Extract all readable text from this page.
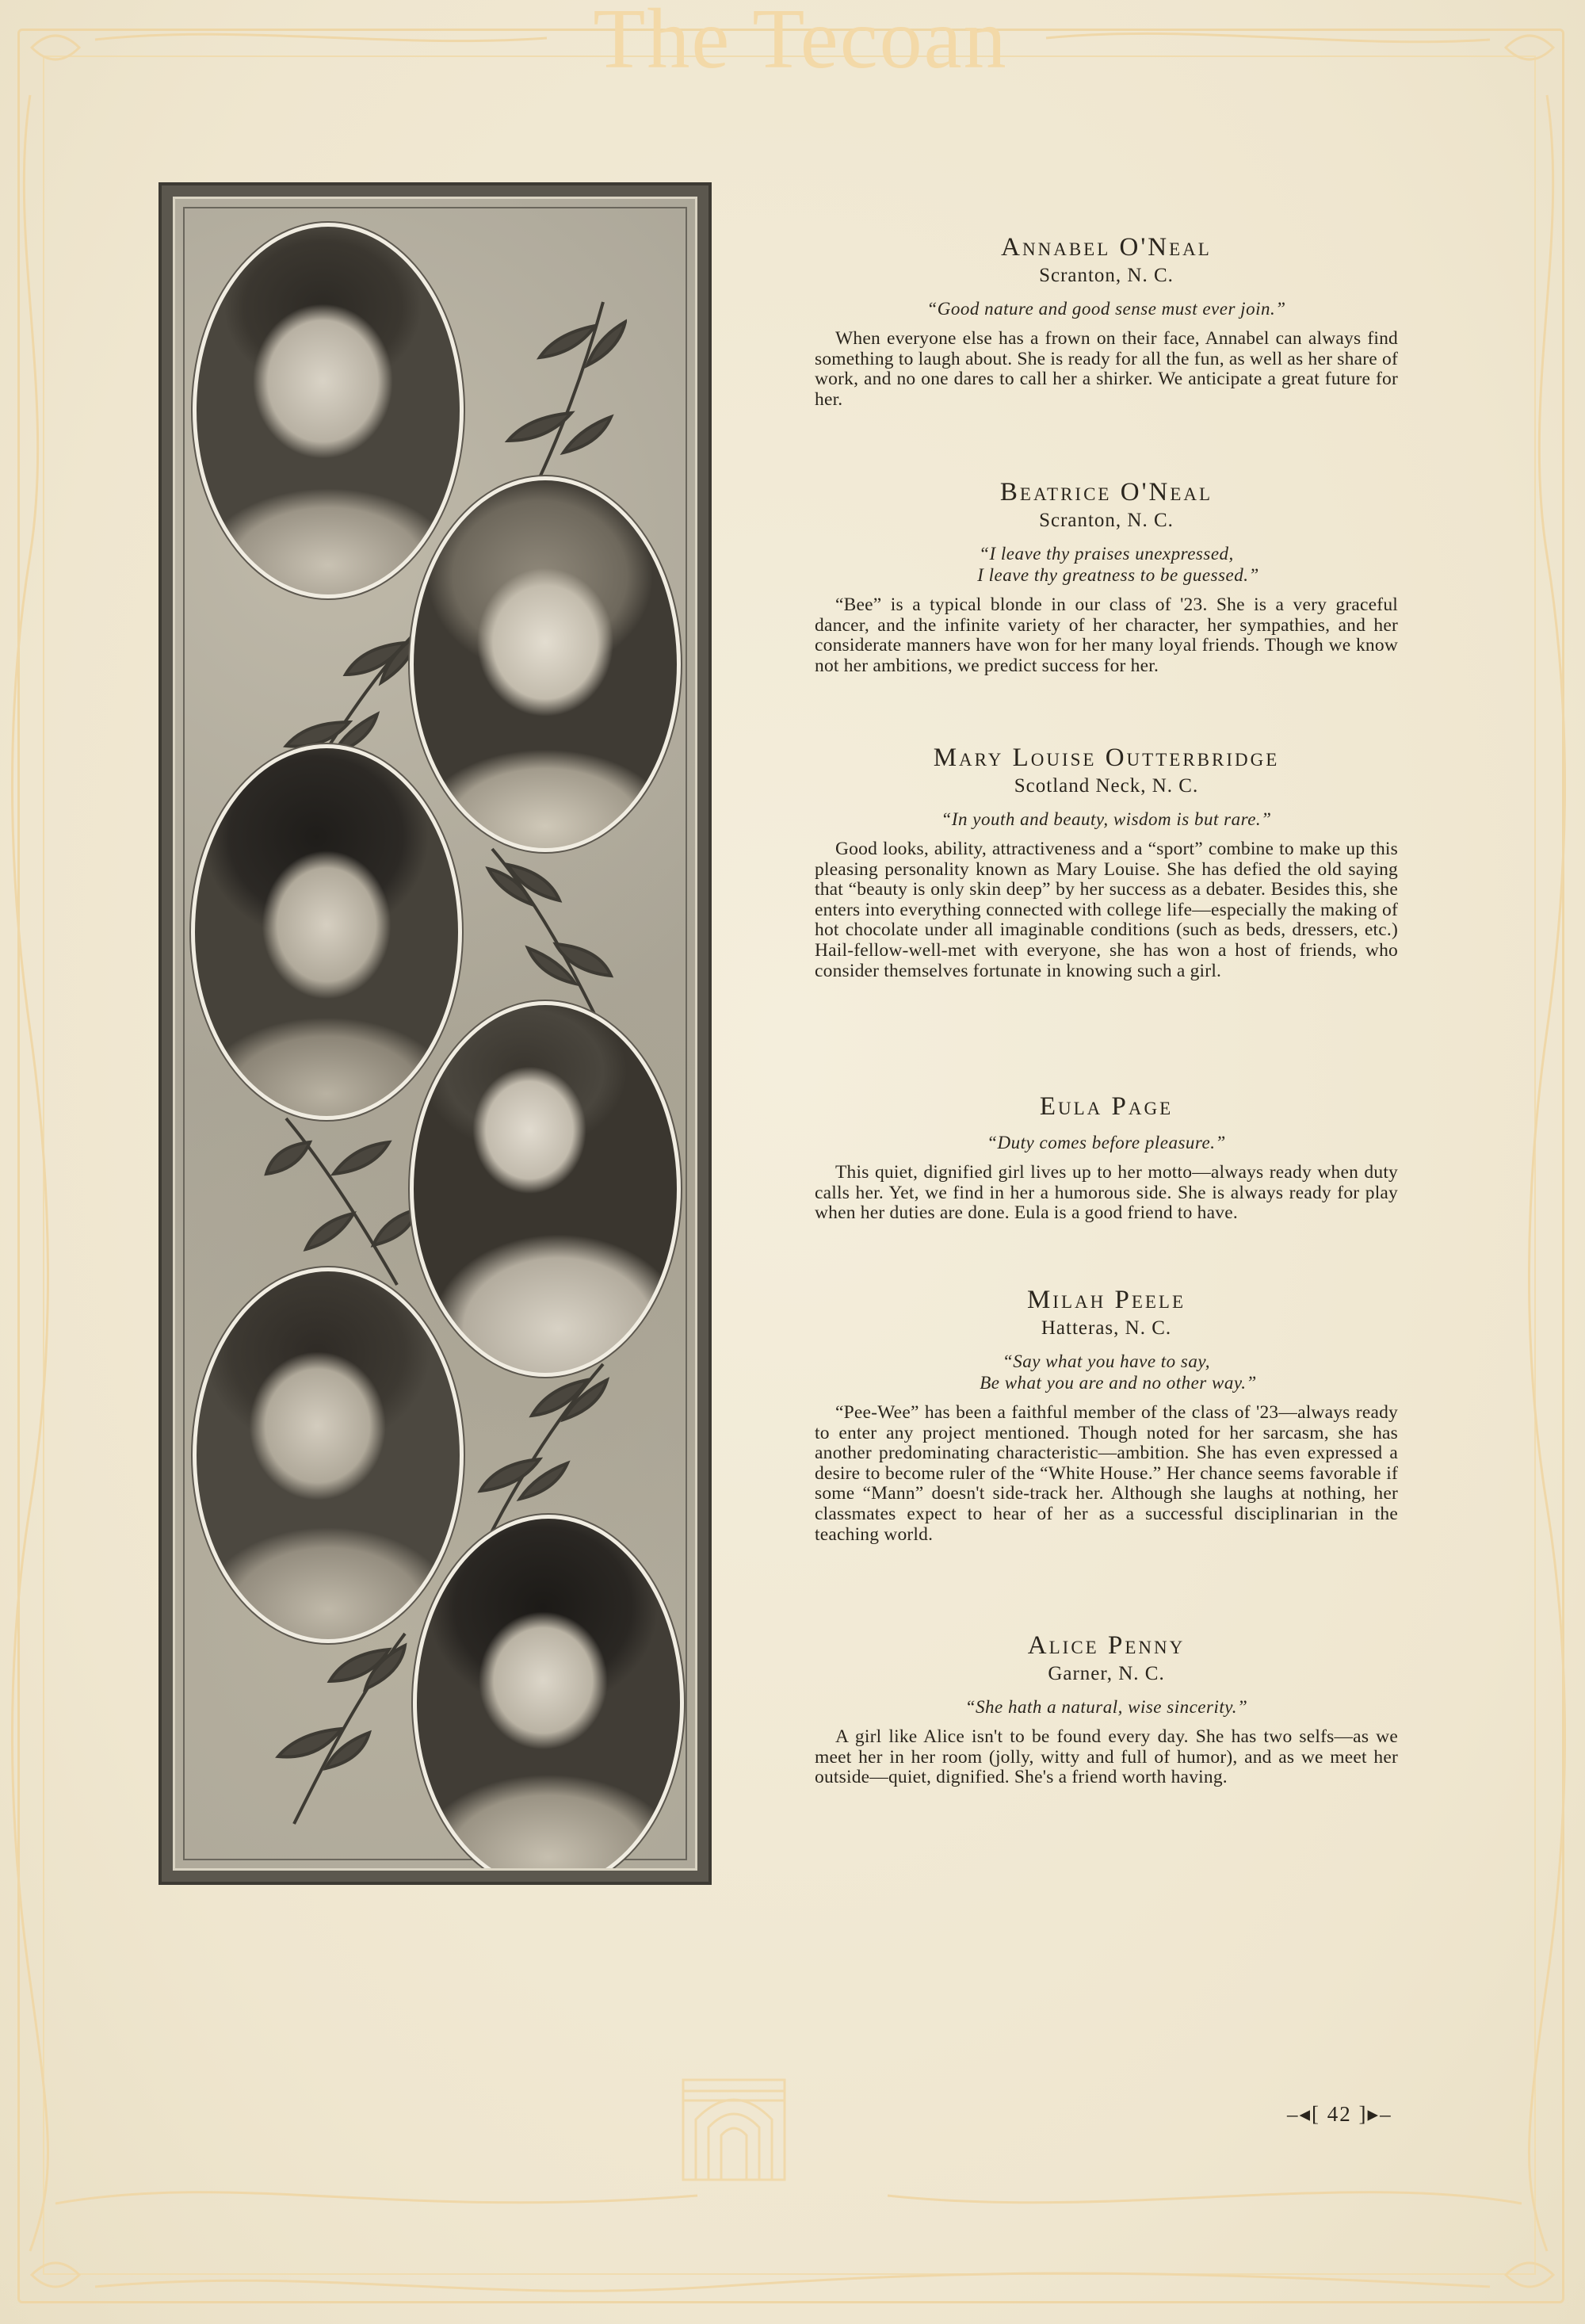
The Tecoan

Annabel O'Neal

Scranton, N. C.

“Good nature and good sense must ever join.”

When everyone else has a frown on their face, Annabel can always find something to laugh about. She is ready for all the fun, as well as her share of work, and no one dares to call her a shirker. We anticipate a great future for her.

Beatrice O'Neal

Scranton, N. C.

“I leave thy praises unexpressed,

I leave thy greatness to be guessed.”

“Bee” is a typical blonde in our class of '23. She is a very graceful dancer, and the infinite variety of her character, her sympathies, and her considerate manners have won for her many loyal friends. Though we know not her ambitions, we predict success for her.

Mary Louise Outterbridge

Scotland Neck, N. C.

“In youth and beauty, wisdom is but rare.”

Good looks, ability, attractiveness and a “sport” combine to make up this pleasing personality known as Mary Louise. She has defied the old saying that “beauty is only skin deep” by her success as a debater. Besides this, she enters into everything connected with college life—especially the making of hot chocolate under all imaginable conditions (such as beds, dressers, etc.) Hail-fellow-well-met with everyone, she has won a host of friends, who consider themselves fortunate in knowing such a girl.

Eula Page

“Duty comes before pleasure.”

This quiet, dignified girl lives up to her motto—always ready when duty calls her. Yet, we find in her a humorous side. She is always ready for play when her duties are done. Eula is a good friend to have.

Milah Peele

Hatteras, N. C.

“Say what you have to say,

Be what you are and no other way.”

“Pee-Wee” has been a faithful member of the class of '23—always ready to enter any project mentioned. Though noted for her sarcasm, she has another predominating characteristic—ambition. She has even expressed a desire to become ruler of the “White House.” Her chance seems favorable if some “Mann” doesn't side-track her. Although she laughs at nothing, her classmates expect to hear of her as a successful disciplinarian in the teaching world.

Alice Penny

Garner, N. C.

“She hath a natural, wise sincerity.”

A girl like Alice isn't to be found every day. She has two selfs—as we meet her in her room (jolly, witty and full of humor), and as we meet her outside—quiet, dignified. She's a friend worth having.

‒◂[ 42 ]▸‒
